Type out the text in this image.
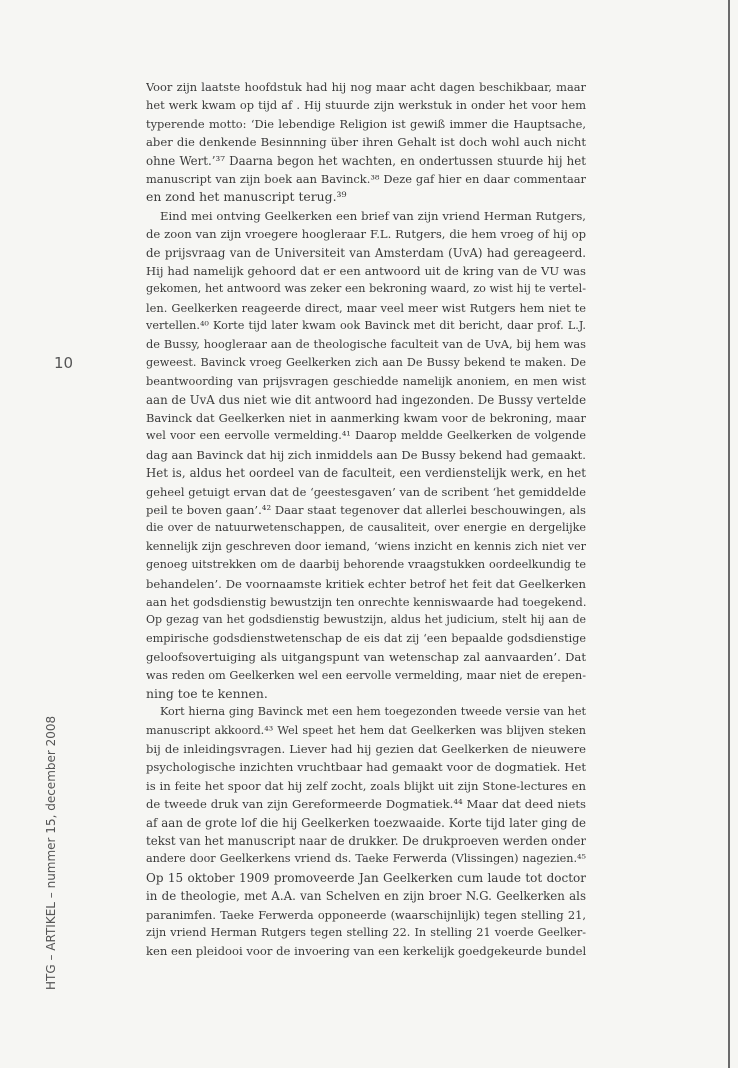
10
HTG – ARTIKEL – nummer 15, december 2008
Voor zijn laatste hoofdstuk had hij nog maar acht dagen beschikbaar, maar
het werk kwam op tijd af . Hij stuurde zijn werkstuk in onder het voor hem
typerende motto: ‘Die lebendige Religion ist gewiß immer die Hauptsache,
aber die denkende Besinnning über ihren Gehalt ist doch wohl auch nicht
ohne Wert.’³⁷ Daarna begon het wachten, en ondertussen stuurde hij het
manuscript van zijn boek aan Bavinck.³⁸ Deze gaf hier en daar commentaar
en zond het manuscript terug.³⁹
Eind mei ontving Geelkerken een brief van zijn vriend Herman Rutgers,
de zoon van zijn vroegere hoogleraar F.L. Rutgers, die hem vroeg of hij op
de prijsvraag van de Universiteit van Amsterdam (UvA) had gereageerd.
Hij had namelijk gehoord dat er een antwoord uit de kring van de VU was
gekomen, het antwoord was zeker een bekroning waard, zo wist hij te vertel-
len. Geelkerken reageerde direct, maar veel meer wist Rutgers hem niet te
vertellen.⁴⁰ Korte tijd later kwam ook Bavinck met dit bericht, daar prof. L.J.
de Bussy, hoogleraar aan de theologische faculteit van de UvA, bij hem was
geweest. Bavinck vroeg Geelkerken zich aan De Bussy bekend te maken. De
beantwoording van prijsvragen geschiedde namelijk anoniem, en men wist
aan de UvA dus niet wie dit antwoord had ingezonden. De Bussy vertelde
Bavinck dat Geelkerken niet in aanmerking kwam voor de bekroning, maar
wel voor een eervolle vermelding.⁴¹ Daarop meldde Geelkerken de volgende
dag aan Bavinck dat hij zich inmiddels aan De Bussy bekend had gemaakt.
Het is, aldus het oordeel van de faculteit, een verdienstelijk werk, en het
geheel getuigt ervan dat de ‘geestesgaven’ van de scribent ‘het gemiddelde
peil te boven gaan’.⁴² Daar staat tegenover dat allerlei beschouwingen, als
die over de natuurwetenschappen, de causaliteit, over energie en dergelijke
kennelijk zijn geschreven door iemand, ‘wiens inzicht en kennis zich niet ver
genoeg uitstrekken om de daarbij behorende vraagstukken oordeelkundig te
behandelen’. De voornaamste kritiek echter betrof het feit dat Geelkerken
aan het godsdienstig bewustzijn ten onrechte kenniswaarde had toegekend.
Op gezag van het godsdienstig bewustzijn, aldus het judicium, stelt hij aan de
empirische godsdienstwetenschap de eis dat zij ‘een bepaalde godsdienstige
geloofsovertuiging als uitgangspunt van wetenschap zal aanvaarden’. Dat
was reden om Geelkerken wel een eervolle vermelding, maar niet de erepen-
ning toe te kennen.
Kort hierna ging Bavinck met een hem toegezonden tweede versie van het
manuscript akkoord.⁴³ Wel speet het hem dat Geelkerken was blijven steken
bij de inleidingsvragen. Liever had hij gezien dat Geelkerken de nieuwere
psychologische inzichten vruchtbaar had gemaakt voor de dogmatiek. Het
is in feite het spoor dat hij zelf zocht, zoals blijkt uit zijn Stone-lectures en
de tweede druk van zijn Gereformeerde Dogmatiek.⁴⁴ Maar dat deed niets
af aan de grote lof die hij Geelkerken toezwaaide. Korte tijd later ging de
tekst van het manuscript naar de drukker. De drukproeven werden onder
andere door Geelkerkens vriend ds. Taeke Ferwerda (Vlissingen) nagezien.⁴⁵
Op 15 oktober 1909 promoveerde Jan Geelkerken cum laude tot doctor
in de theologie, met A.A. van Schelven en zijn broer N.G. Geelkerken als
paranimfen. Taeke Ferwerda opponeerde (waarschijnlijk) tegen stelling 21,
zijn vriend Herman Rutgers tegen stelling 22. In stelling 21 voerde Geelker-
ken een pleidooi voor de invoering van een kerkelijk goedgekeurde bundel
